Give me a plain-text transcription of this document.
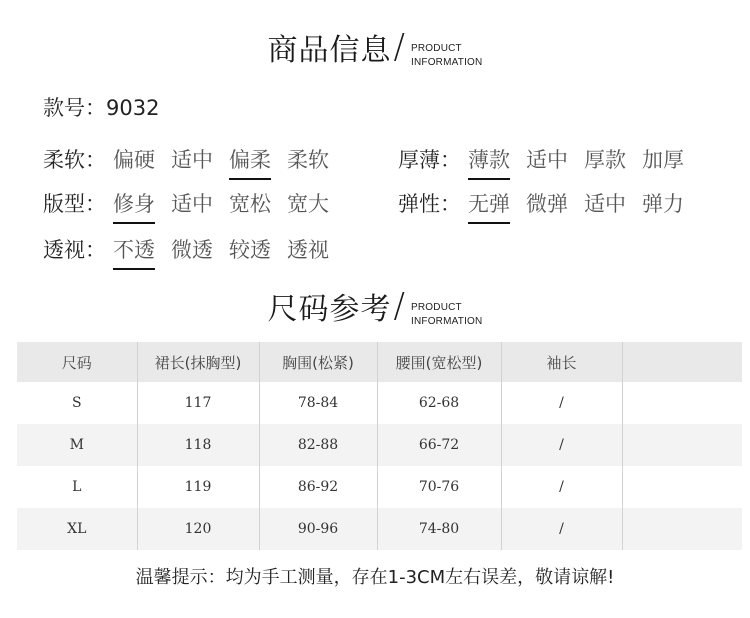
商品信息 / PRODUCT
INFORMATION
款号：9032
柔软： 偏硬 适中 偏柔 柔软
版型： 修身 适中 宽松 宽大
透视： 不透 微透 较透 透视
厚薄： 薄款 适中 厚款 加厚
弹性： 无弹 微弹 适中 弹力
尺码参考 / PRODUCT
INFORMATION
尺码	裙长(抹胸型)	胸围(松紧)	腰围(宽松型)	袖长	
S	117	78-84	62-68	/	
M	118	82-88	66-72	/	
L	119	86-92	70-76	/	
XL	120	90-96	74-80	/	
温馨提示：均为手工测量，存在1-3CM左右误差，敬请谅解!
